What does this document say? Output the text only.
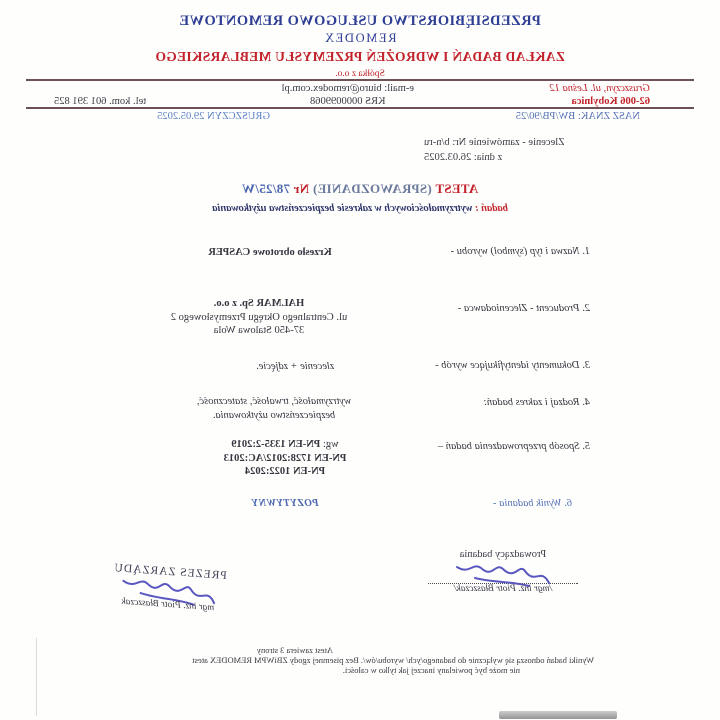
PRZEDSIĘBIORSTWO USŁUGOWO REMONTOWE
REMODEX
ZAKŁAD BADAŃ I WDROŻEŃ PRZEMYSŁU MEBLARSKIEGO
Spółka z o.o.
Gruszczyn, ul. Leśna 12
62-006 Kobylnica
e-mail: biuro@remodex.com.pl
KRS 0000099068
tel. kom. 601 391 825
NASZ ZNAK: BW/PB/90/25
GRUSZCZYN 29.05.2025
Zlecenie - zamówienie Nr: b/n-ru
z dnia: 26.03.2025
ATEST (SPRAWOZDANIE) Nr 78/25/W
badań : wytrzymałościowych w zakresie bezpieczeństwa użytkowania
1. Nazwa i typ (symbol) wyrobu -
Krzesło obrotowe CASPER
2. Producent - Zleceniodawca -
HALMAR Sp. z o.o.
ul. Centralnego Okręgu Przemysłowego 2
37-450 Stalowa Wola
3. Dokumenty identyfikujące wyrób -
zlecenie + zdjęcie.
4. Rodzaj i zakres badań:
wytrzymałość, trwałość, stateczność,
bezpieczeństwo użytkowania.
5. Sposób przeprowadzenia badań –
wg: PN-EN 1335-2:2019
PN-EN 1728:2012/AC:2013
PN-EN 1022:2024
6. Wynik badania -
POZYTYWNY
Prowadzący badania
/mgr inż. Piotr Błaszczak/
PREZES ZARZĄDU
mgr inż. Piotr Błaszczak
Atest zawiera 3 strony
Wyniki badań odnoszą się wyłącznie do badanego/ych/ wyrobu/ów/. Bez pisemnej zgody ZBiWPM REMODEX atest
nie może być powielany inaczej jak tylko w całości.
